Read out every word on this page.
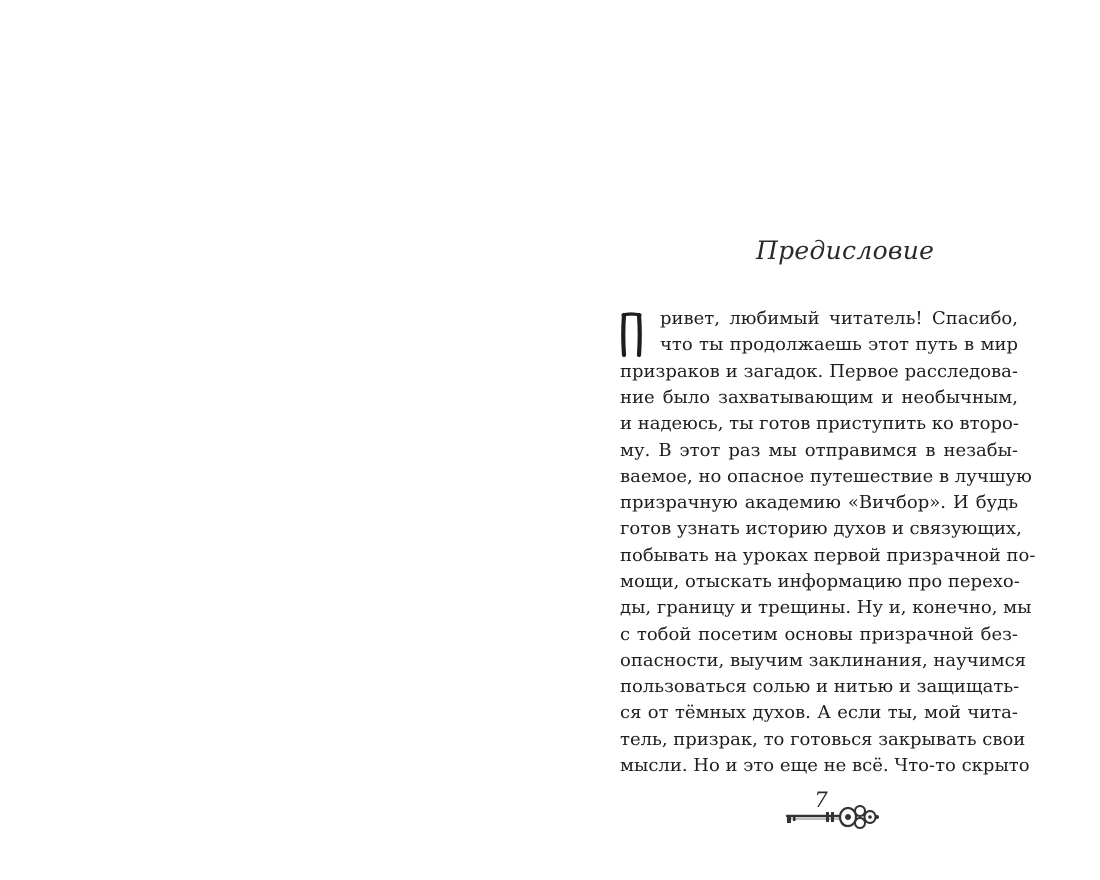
Предисловие
ривет, любимый читатель! Спасибо,
что ты продолжаешь этот путь в мир
призраков и загадок. Первое расследова-
ние было захватывающим и необычным,
и надеюсь, ты готов приступить ко второ-
му. В этот раз мы отправимся в незабы-
ваемое, но опасное путешествие в лучшую
призрачную академию «Вичбор». И будь
готов узнать историю духов и связующих,
побывать на уроках первой призрачной по-
мощи, отыскать информацию про перехо-
ды, границу и трещины. Ну и, конечно, мы
с тобой посетим основы призрачной без-
опасности, выучим заклинания, научимся
пользоваться солью и нитью и защищать-
ся от тёмных духов. А если ты, мой чита-
тель, призрак, то готовься закрывать свои
мысли. Но и это еще не всё. Что-то скрыто
7
